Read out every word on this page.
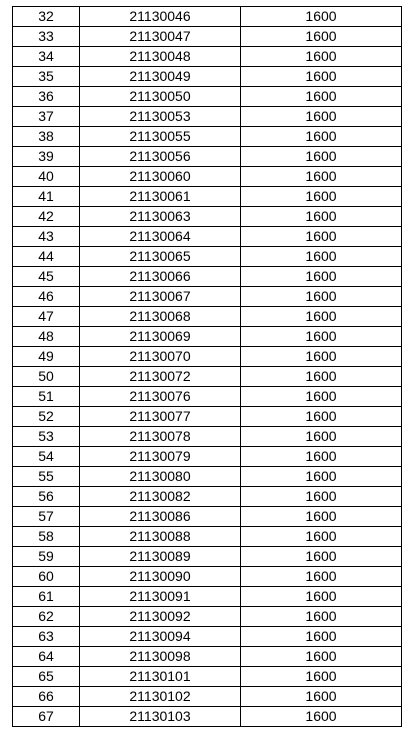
32	21130046	1600
33	21130047	1600
34	21130048	1600
35	21130049	1600
36	21130050	1600
37	21130053	1600
38	21130055	1600
39	21130056	1600
40	21130060	1600
41	21130061	1600
42	21130063	1600
43	21130064	1600
44	21130065	1600
45	21130066	1600
46	21130067	1600
47	21130068	1600
48	21130069	1600
49	21130070	1600
50	21130072	1600
51	21130076	1600
52	21130077	1600
53	21130078	1600
54	21130079	1600
55	21130080	1600
56	21130082	1600
57	21130086	1600
58	21130088	1600
59	21130089	1600
60	21130090	1600
61	21130091	1600
62	21130092	1600
63	21130094	1600
64	21130098	1600
65	21130101	1600
66	21130102	1600
67	21130103	1600
